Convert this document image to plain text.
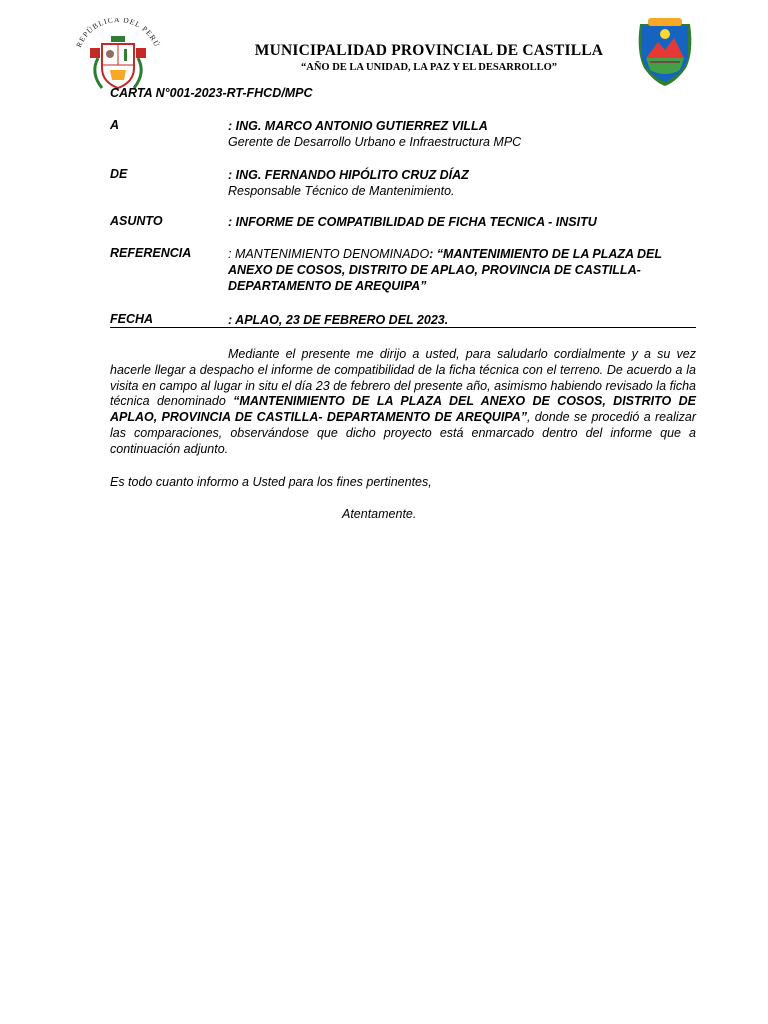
REPÚBLICA DEL PERÚ	MUNICIPALIDAD PROVINCIAL DE CASTILLA
“AÑO DE LA UNIDAD, LA PAZ Y EL DESARROLLO”
CARTA N°001-2023-RT-FHCD/MPC
A	: ING. MARCO ANTONIO GUTIERREZ VILLA
Gerente de Desarrollo Urbano e Infraestructura MPC
DE	: ING. FERNANDO HIPÓLITO CRUZ DÍAZ
Responsable Técnico de Mantenimiento.
ASUNTO	: INFORME DE COMPATIBILIDAD DE FICHA TECNICA - INSITU
REFERENCIA	: MANTENIMIENTO DENOMINADO: “MANTENIMIENTO DE LA PLAZA DEL ANEXO DE COSOS, DISTRITO DE APLAO, PROVINCIA DE CASTILLA- DEPARTAMENTO DE AREQUIPA”
FECHA	: APLAO, 23 DE FEBRERO DEL 2023.
Mediante el presente me dirijo a usted, para saludarlo cordialmente y a su vez hacerle llegar a despacho el informe de compatibilidad de la ficha técnica con el terreno. De acuerdo a la visita en campo al lugar in situ el día 23 de febrero del presente año, asimismo habiendo revisado la ficha técnica denominado “MANTENIMIENTO DE LA PLAZA DEL ANEXO DE COSOS, DISTRITO DE APLAO, PROVINCIA DE CASTILLA- DEPARTAMENTO DE AREQUIPA”, donde se procedió a realizar las comparaciones, observándose que dicho proyecto está enmarcado dentro del informe que a continuación adjunto.
Es todo cuanto informo a Usted para los fines pertinentes,
Atentamente.
